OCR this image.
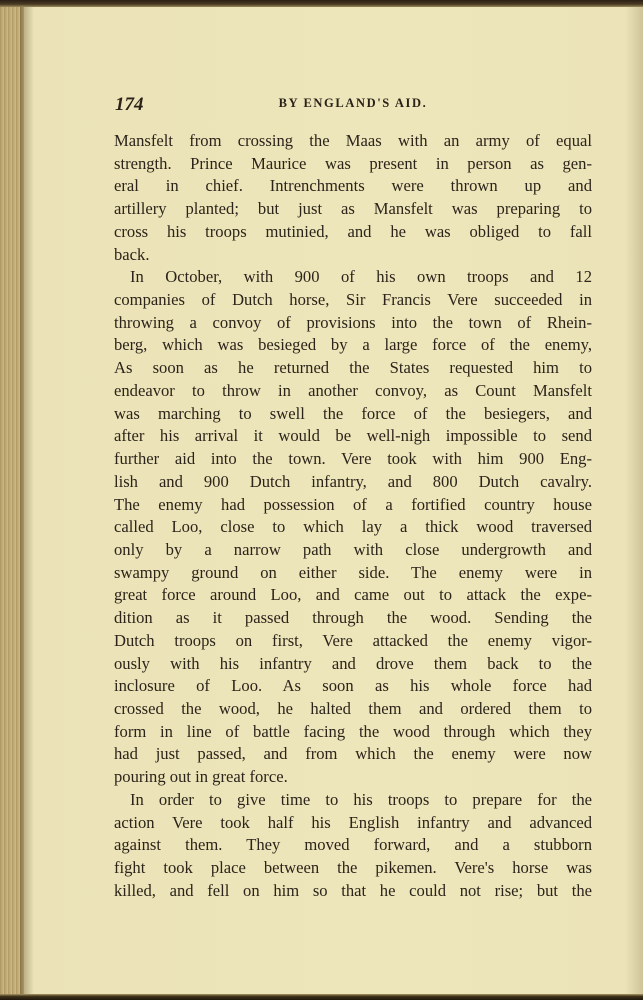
174	BY ENGLAND'S AID.
Mansfelt from crossing the Maas with an army of equal
strength. Prince Maurice was present in person as gen-
eral in chief. Intrenchments were thrown up and
artillery planted; but just as Mansfelt was preparing to
cross his troops mutinied, and he was obliged to fall
back.
In October, with 900 of his own troops and 12
companies of Dutch horse, Sir Francis Vere succeeded in
throwing a convoy of provisions into the town of Rhein-
berg, which was besieged by a large force of the enemy,
As soon as he returned the States requested him to
endeavor to throw in another convoy, as Count Mansfelt
was marching to swell the force of the besiegers, and
after his arrival it would be well-nigh impossible to send
further aid into the town. Vere took with him 900 Eng-
lish and 900 Dutch infantry, and 800 Dutch cavalry.
The enemy had possession of a fortified country house
called Loo, close to which lay a thick wood traversed
only by a narrow path with close undergrowth and
swampy ground on either side. The enemy were in
great force around Loo, and came out to attack the expe-
dition as it passed through the wood. Sending the
Dutch troops on first, Vere attacked the enemy vigor-
ously with his infantry and drove them back to the
inclosure of Loo. As soon as his whole force had
crossed the wood, he halted them and ordered them to
form in line of battle facing the wood through which they
had just passed, and from which the enemy were now
pouring out in great force.
In order to give time to his troops to prepare for the
action Vere took half his English infantry and advanced
against them. They moved forward, and a stubborn
fight took place between the pikemen. Vere's horse was
killed, and fell on him so that he could not rise; but the
